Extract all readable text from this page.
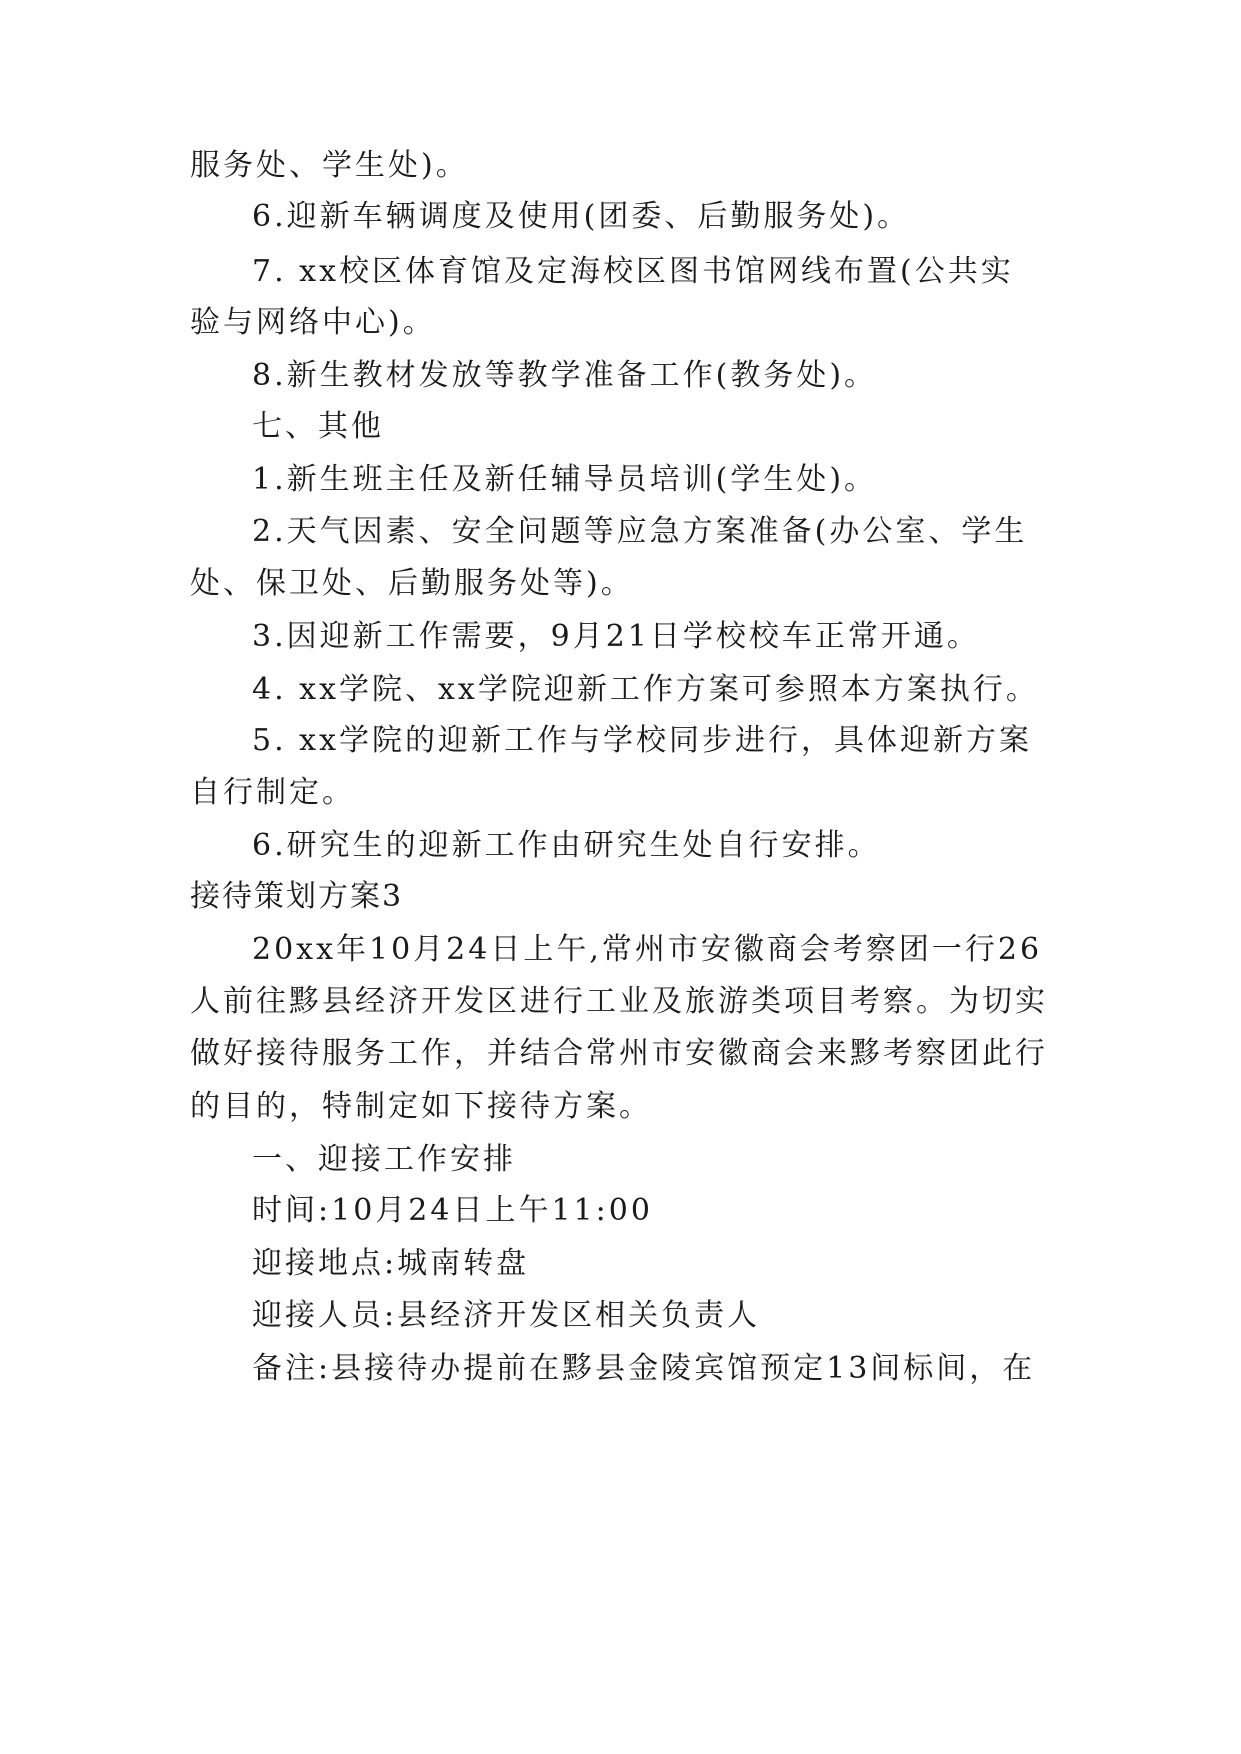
服务处、学生处)。
6.迎新车辆调度及使用(团委、后勤服务处)。
7. xx校区体育馆及定海校区图书馆网线布置(公共实
验与网络中心)。
8.新生教材发放等教学准备工作(教务处)。
七、其他
1.新生班主任及新任辅导员培训(学生处)。
2.天气因素、安全问题等应急方案准备(办公室、学生
处、保卫处、后勤服务处等)。
3.因迎新工作需要，9月21日学校校车正常开通。
4. xx学院、xx学院迎新工作方案可参照本方案执行。
5. xx学院的迎新工作与学校同步进行，具体迎新方案
自行制定。
6.研究生的迎新工作由研究生处自行安排。
接待策划方案3
20xx年10月24日上午,常州市安徽商会考察团一行26
人前往黟县经济开发区进行工业及旅游类项目考察。为切实
做好接待服务工作，并结合常州市安徽商会来黟考察团此行
的目的，特制定如下接待方案。
一、迎接工作安排
时间:10月24日上午11:00
迎接地点:城南转盘
迎接人员:县经济开发区相关负责人
备注:县接待办提前在黟县金陵宾馆预定13间标间，在
